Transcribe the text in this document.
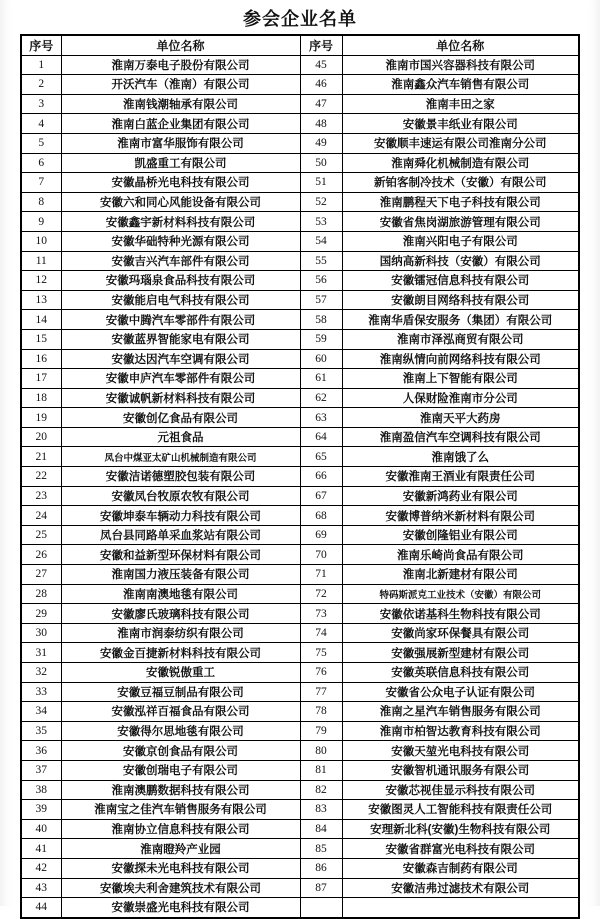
参会企业名单
序号	单位名称	序号	单位名称
1	淮南万泰电子股份有限公司	45	淮南市国兴容器科技有限公司
2	开沃汽车（淮南）有限公司	46	淮南鑫众汽车销售有限公司
3	淮南钱潮轴承有限公司	47	淮南丰田之家
4	淮南白蓝企业集团有限公司	48	安徽景丰纸业有限公司
5	淮南市富华服饰有限公司	49	安徽顺丰速运有限公司淮南分公司
6	凯盛重工有限公司	50	淮南舜化机械制造有限公司
7	安徽晶桥光电科技有限公司	51	新铂客制冷技术（安徽）有限公司
8	安徽六和同心风能设备有限公司	52	淮南鹏程天下电子科技有限公司
9	安徽鑫宇新材料科技有限公司	53	安徽省焦岗湖旅游管理有限公司
10	安徽华础特种光源有限公司	54	淮南兴阳电子有限公司
11	安徽吉兴汽车部件有限公司	55	国纳高新科技（安徽）有限公司
12	安徽玛瑙泉食品科技有限公司	56	安徽镭冠信息科技有限公司
13	安徽能启电气科技有限公司	57	安徽朗目网络科技有限公司
14	安徽中腾汽车零部件有限公司	58	淮南华盾保安服务（集团）有限公司
15	安徽蓝界智能家电有限公司	59	淮南市泽泓商贸有限公司
16	安徽达因汽车空调有限公司	60	淮南纵情向前网络科技有限公司
17	安徽申庐汽车零部件有限公司	61	淮南上下智能有限公司
18	安徽诚帆新材料科技有限公司	62	人保财险淮南市分公司
19	安徽创亿食品有限公司	63	淮南天平大药房
20	元祖食品	64	淮南盈信汽车空调科技有限公司
21	凤台中煤亚太矿山机械制造有限公司	65	淮南饿了么
22	安徽洁诺德塑胶包装有限公司	66	安徽淮南王酒业有限责任公司
23	安徽凤台牧原农牧有限公司	67	安徽新鸿药业有限公司
24	安徽坤泰车辆动力科技有限公司	68	安徽博普纳米新材料有限公司
25	凤台县同路单采血浆站有限公司	69	安徽创隆铝业有限公司
26	安徽和益新型环保材料有限公司	70	淮南乐崎尚食品有限公司
27	淮南国力液压装备有限公司	71	淮南北新建材有限公司
28	淮南南澳地毯有限公司	72	特码斯派克工业技术（安徽）有限公司
29	安徽廖氏玻璃科技有限公司	73	安徽依诺基科生物科技有限公司
30	淮南市润泰纺织有限公司	74	安徽尚家环保餐具有限公司
31	安徽金百捷新材料科技有限公司	75	安徽强展新型建材有限公司
32	安徽锐傲重工	76	安徽英联信息科技有限公司
33	安徽豆福豆制品有限公司	77	安徽省公众电子认证有限公司
34	安徽泓祥百福食品有限公司	78	淮南之星汽车销售服务有限公司
35	安徽得尔思地毯有限公司	79	淮南市柏智达教育科技有限公司
36	安徽京创食品有限公司	80	安徽天堃光电科技有限公司
37	安徽创瑞电子有限公司	81	安徽智机通讯服务有限公司
38	淮南澳鹏数据科技有限公司	82	安徽芯视佳显示科技有限公司
39	淮南宝之佳汽车销售服务有限公司	83	安徽图灵人工智能科技有限责任公司
40	淮南协立信息科技有限公司	84	安理新北科(安徽)生物科技有限公司
41	淮南瞪羚产业园	85	安徽省群富光电科技有限公司
42	安徽探未光电科技有限公司	86	安徽森吉制药有限公司
43	安徽埃夫利舍建筑技术有限公司	87	安徽洁弗过滤技术有限公司
44	安徽崇盛光电科技有限公司		
